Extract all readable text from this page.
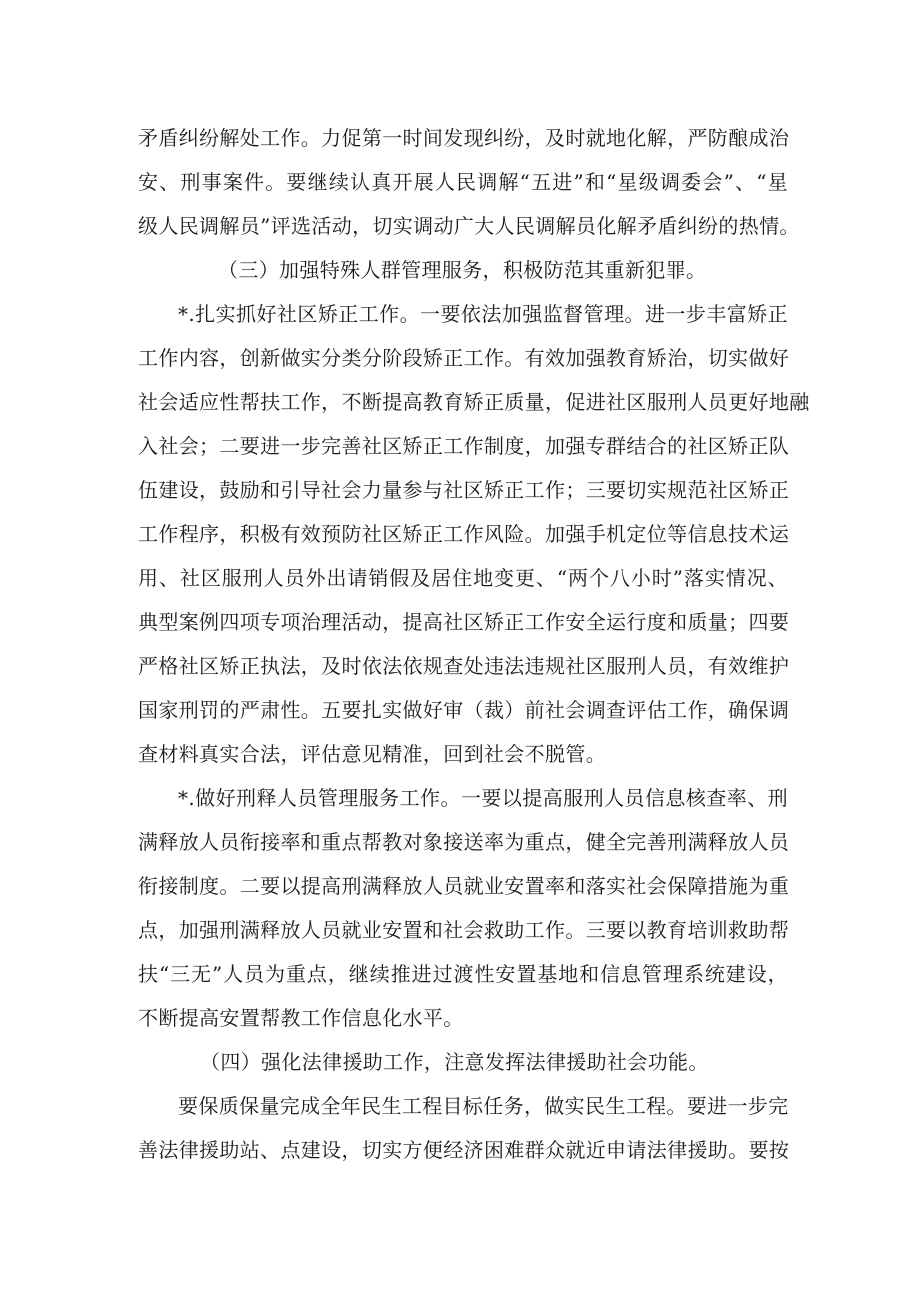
矛盾纠纷解处工作。力促第一时间发现纠纷，及时就地化解，严防酿成治
安、刑事案件。要继续认真开展人民调解“五进”和“星级调委会”、“星
级人民调解员”评选活动，切实调动广大人民调解员化解矛盾纠纷的热情。
（三）加强特殊人群管理服务，积极防范其重新犯罪。
*.扎实抓好社区矫正工作。一要依法加强监督管理。进一步丰富矫正
工作内容，创新做实分类分阶段矫正工作。有效加强教育矫治，切实做好
社会适应性帮扶工作，不断提高教育矫正质量，促进社区服刑人员更好地融
入社会；二要进一步完善社区矫正工作制度，加强专群结合的社区矫正队
伍建设，鼓励和引导社会力量参与社区矫正工作；三要切实规范社区矫正
工作程序，积极有效预防社区矫正工作风险。加强手机定位等信息技术运
用、社区服刑人员外出请销假及居住地变更、“两个八小时”落实情况、
典型案例四项专项治理活动，提高社区矫正工作安全运行度和质量；四要
严格社区矫正执法，及时依法依规查处违法违规社区服刑人员，有效维护
国家刑罚的严肃性。五要扎实做好审（裁）前社会调查评估工作，确保调
查材料真实合法，评估意见精准，回到社会不脱管。
*.做好刑释人员管理服务工作。一要以提高服刑人员信息核查率、刑
满释放人员衔接率和重点帮教对象接送率为重点，健全完善刑满释放人员
衔接制度。二要以提高刑满释放人员就业安置率和落实社会保障措施为重
点，加强刑满释放人员就业安置和社会救助工作。三要以教育培训救助帮
扶“三无”人员为重点，继续推进过渡性安置基地和信息管理系统建设，
不断提高安置帮教工作信息化水平。
（四）强化法律援助工作，注意发挥法律援助社会功能。
要保质保量完成全年民生工程目标任务，做实民生工程。要进一步完
善法律援助站、点建设，切实方便经济困难群众就近申请法律援助。要按
